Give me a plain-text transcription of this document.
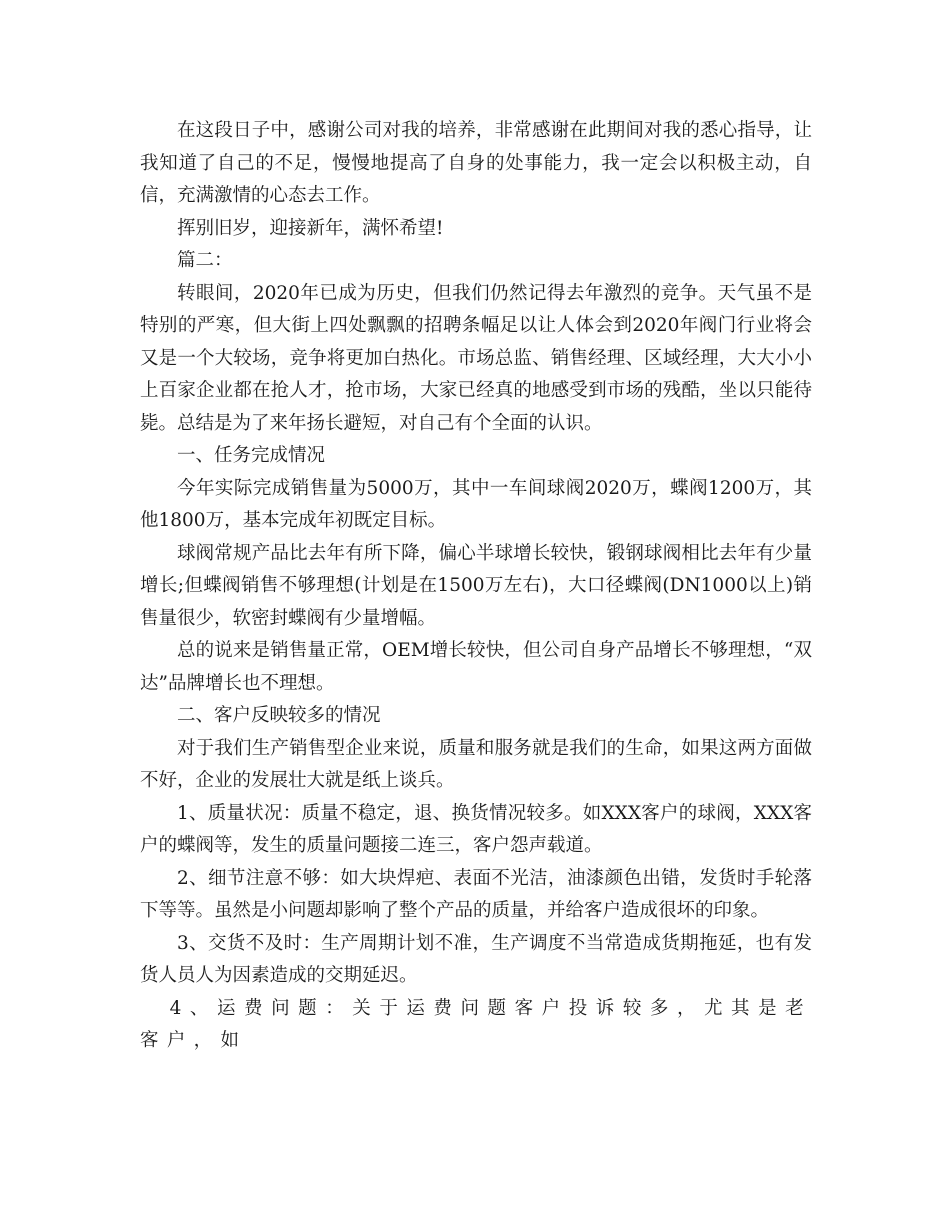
在这段日子中，感谢公司对我的培养，非常感谢在此期间对我的悉心指导，让我知道了自己的不足，慢慢地提高了自身的处事能力，我一定会以积极主动，自信，充满激情的心态去工作。

挥别旧岁，迎接新年，满怀希望!

篇二：

转眼间，2020年已成为历史，但我们仍然记得去年激烈的竞争。天气虽不是特别的严寒，但大街上四处飘飘的招聘条幅足以让人体会到2020年阀门行业将会又是一个大较场，竞争将更加白热化。市场总监、销售经理、区域经理，大大小小上百家企业都在抢人才，抢市场，大家已经真的地感受到市场的残酷，坐以只能待毙。总结是为了来年扬长避短，对自己有个全面的认识。

一、任务完成情况

今年实际完成销售量为5000万，其中一车间球阀2020万，蝶阀1200万，其他1800万，基本完成年初既定目标。

球阀常规产品比去年有所下降，偏心半球增长较快，锻钢球阀相比去年有少量增长;但蝶阀销售不够理想(计划是在1500万左右)，大口径蝶阀(DN1000以上)销售量很少，软密封蝶阀有少量增幅。

总的说来是销售量正常，OEM增长较快，但公司自身产品增长不够理想，“双达”品牌增长也不理想。

二、客户反映较多的情况

对于我们生产销售型企业来说，质量和服务就是我们的生命，如果这两方面做不好，企业的发展壮大就是纸上谈兵。

1、质量状况：质量不稳定，退、换货情况较多。如XXX客户的球阀，XXX客户的蝶阀等，发生的质量问题接二连三，客户怨声载道。

2、细节注意不够：如大块焊疤、表面不光洁，油漆颜色出错，发货时手轮落下等等。虽然是小问题却影响了整个产品的质量，并给客户造成很坏的印象。

3、交货不及时：生产周期计划不准，生产调度不当常造成货期拖延，也有发货人员人为因素造成的交期延迟。

4、运费问题：关于运费问题客户投诉较多，尤其是老客户，如
